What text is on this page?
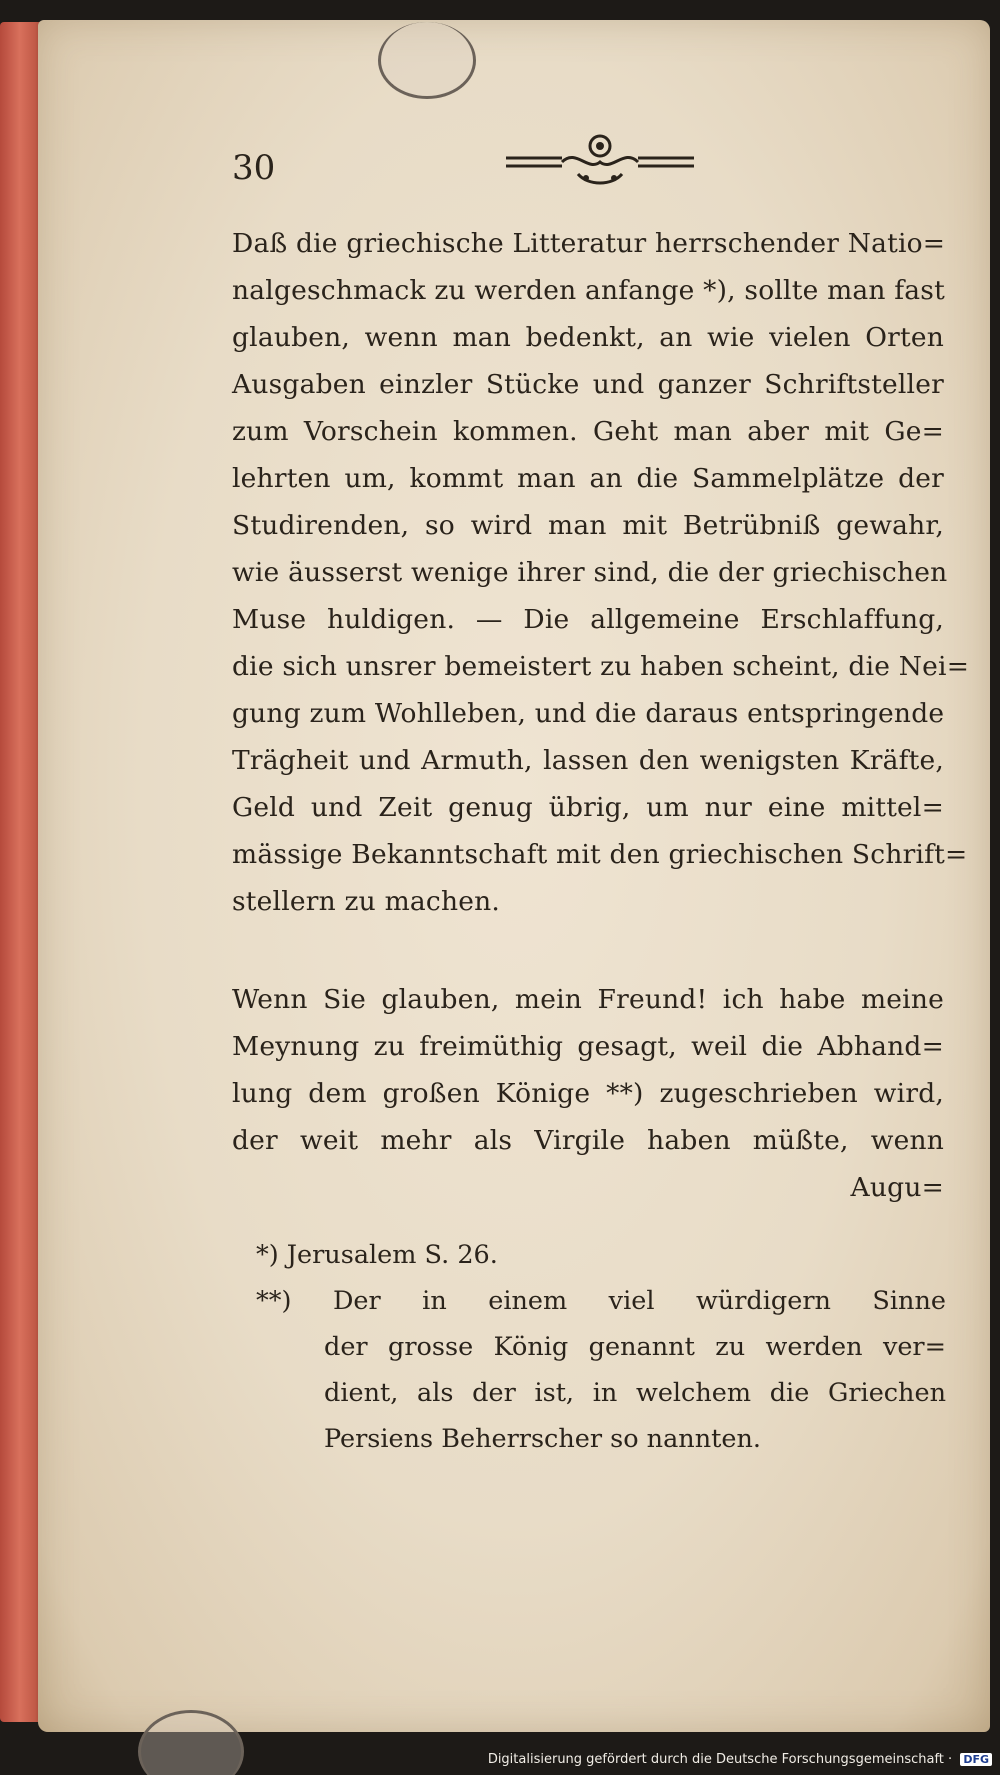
30
Daß die griechische Litteratur herrschender Natio=
nalgeschmack zu werden anfange *), sollte man fast
glauben, wenn man bedenkt, an wie vielen Orten
Ausgaben einzler Stücke und ganzer Schriftsteller
zum Vorschein kommen. Geht man aber mit Ge=
lehrten um, kommt man an die Sammelplätze der
Studirenden, so wird man mit Betrübniß gewahr,
wie äusserst wenige ihrer sind, die der griechischen
Muse huldigen. — Die allgemeine Erschlaffung,
die sich unsrer bemeistert zu haben scheint, die Nei=
gung zum Wohlleben, und die daraus entspringende
Trägheit und Armuth, lassen den wenigsten Kräfte,
Geld und Zeit genug übrig, um nur eine mittel=
mässige Bekanntschaft mit den griechischen Schrift=
stellern zu machen.
Wenn Sie glauben, mein Freund! ich habe meine
Meynung zu freimüthig gesagt, weil die Abhand=
lung dem großen Könige **) zugeschrieben wird,
der weit mehr als Virgile haben müßte, wenn
Augu=
*) Jerusalem S. 26.
**) Der in einem viel würdigern Sinne
der grosse König genannt zu werden ver=
dient, als der ist, in welchem die Griechen
Persiens Beherrscher so nannten.
Digitalisierung gefördert durch die Deutsche Forschungsgemeinschaft · DFG
